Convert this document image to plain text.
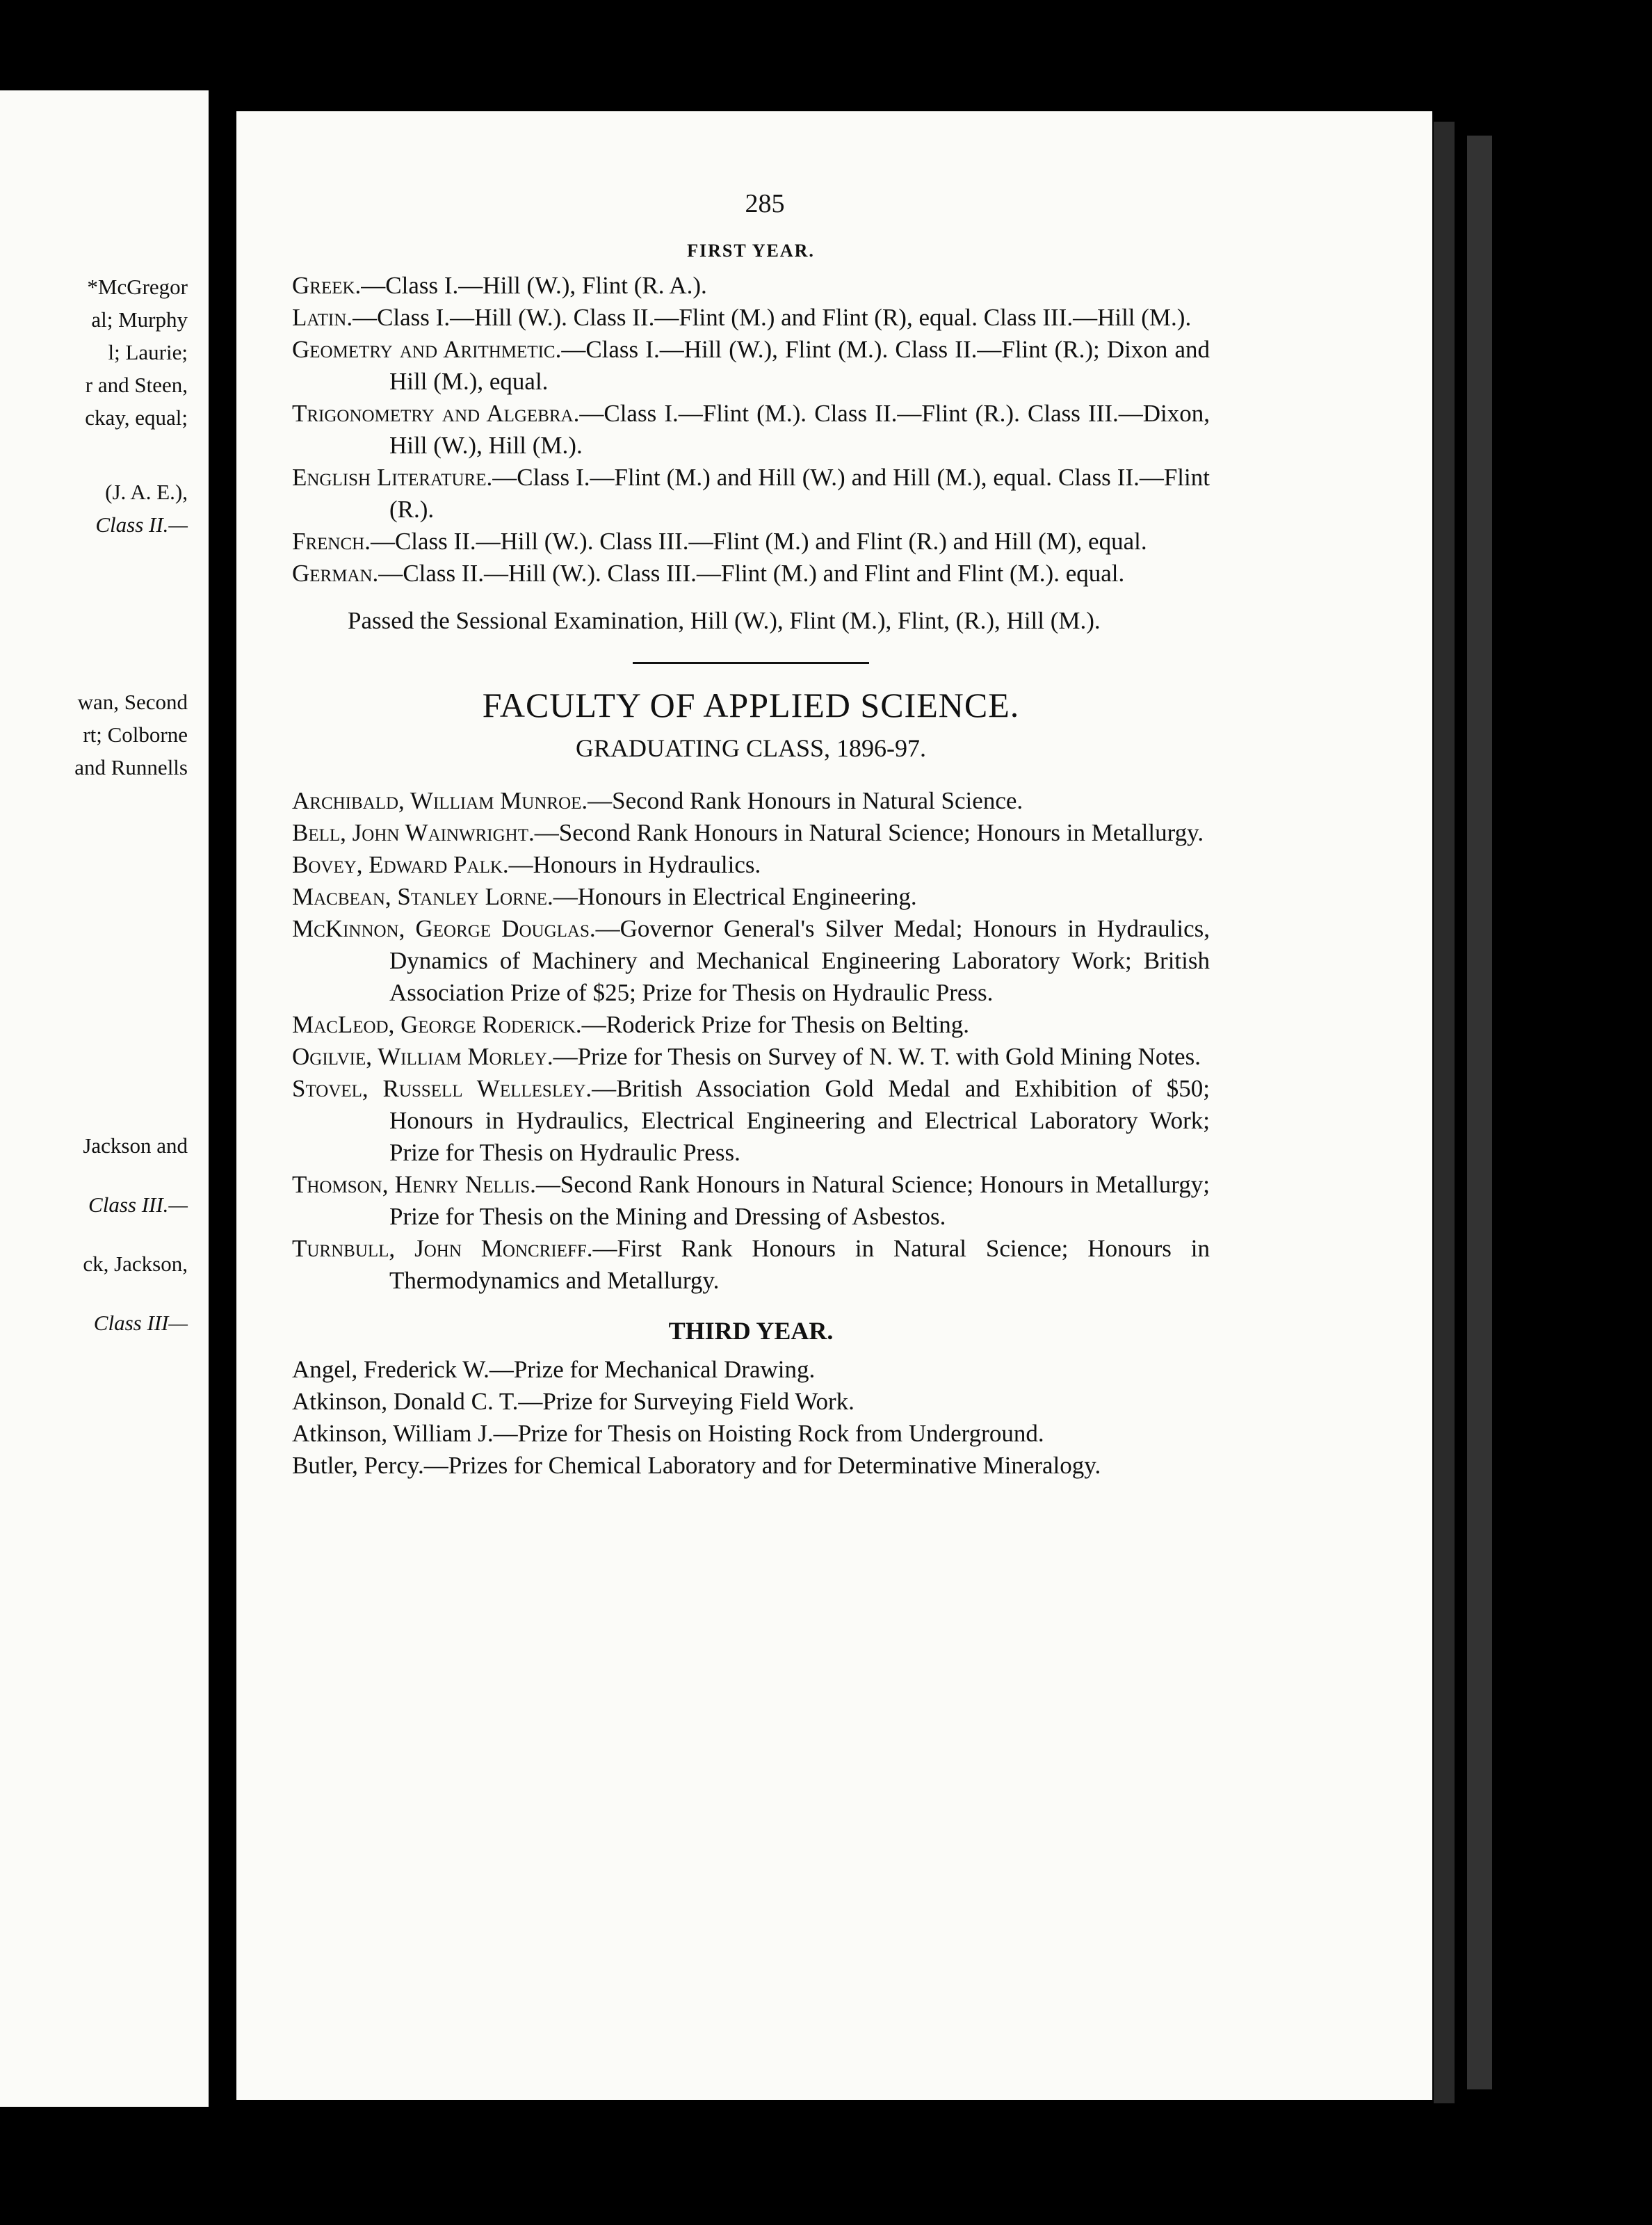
*McGregor
al; Murphy
l; Laurie;
r and Steen,
ckay, equal;
(J. A. E.),
Class II.—
wan, Second
rt; Colborne
and Runnells
Jackson and
Class III.—
ck, Jackson,
Class III—
285
FIRST YEAR.
Greek.—Class I.—Hill (W.), Flint (R. A.).
Latin.—Class I.—Hill (W.). Class II.—Flint (M.) and Flint (R), equal. Class III.—Hill (M.).
Geometry and Arithmetic.—Class I.—Hill (W.), Flint (M.). Class II.—Flint (R.); Dixon and Hill (M.), equal.
Trigonometry and Algebra.—Class I.—Flint (M.). Class II.—Flint (R.). Class III.—Dixon, Hill (W.), Hill (M.).
English Literature.—Class I.—Flint (M.) and Hill (W.) and Hill (M.), equal. Class II.—Flint (R.).
French.—Class II.—Hill (W.). Class III.—Flint (M.) and Flint (R.) and Hill (M), equal.
German.—Class II.—Hill (W.). Class III.—Flint (M.) and Flint and Flint (M.). equal.
Passed the Sessional Examination, Hill (W.), Flint (M.), Flint, (R.), Hill (M.).
FACULTY OF APPLIED SCIENCE.
GRADUATING CLASS, 1896-97.
Archibald, William Munroe.—Second Rank Honours in Natural Science.
Bell, John Wainwright.—Second Rank Honours in Natural Science; Honours in Metallurgy.
Bovey, Edward Palk.—Honours in Hydraulics.
Macbean, Stanley Lorne.—Honours in Electrical Engineering.
McKinnon, George Douglas.—Governor General's Silver Medal; Honours in Hydraulics, Dynamics of Machinery and Mechanical Engineering Laboratory Work; British Association Prize of $25; Prize for Thesis on Hydraulic Press.
MacLeod, George Roderick.—Roderick Prize for Thesis on Belting.
Ogilvie, William Morley.—Prize for Thesis on Survey of N. W. T. with Gold Mining Notes.
Stovel, Russell Wellesley.—British Association Gold Medal and Exhibition of $50; Honours in Hydraulics, Electrical Engineering and Electrical Laboratory Work; Prize for Thesis on Hydraulic Press.
Thomson, Henry Nellis.—Second Rank Honours in Natural Science; Honours in Metallurgy; Prize for Thesis on the Mining and Dressing of Asbestos.
Turnbull, John Moncrieff.—First Rank Honours in Natural Science; Honours in Thermodynamics and Metallurgy.
THIRD YEAR.
Angel, Frederick W.—Prize for Mechanical Drawing.
Atkinson, Donald C. T.—Prize for Surveying Field Work.
Atkinson, William J.—Prize for Thesis on Hoisting Rock from Underground.
Butler, Percy.—Prizes for Chemical Laboratory and for Determinative Mineralogy.
